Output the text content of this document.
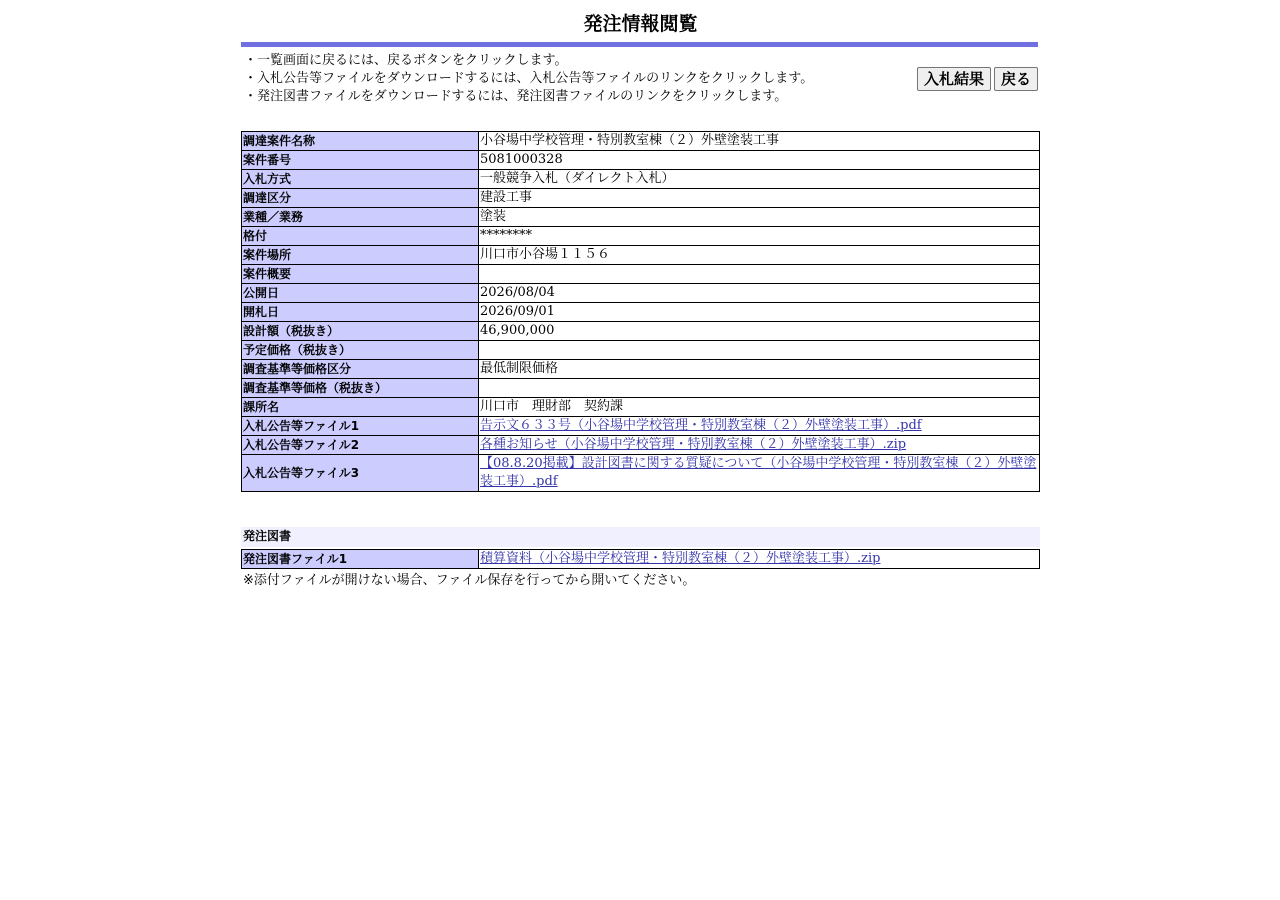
発注情報閲覧
・一覧画面に戻るには、戻るボタンをクリックします。
・入札公告等ファイルをダウンロードするには、入札公告等ファイルのリンクをクリックします。
・発注図書ファイルをダウンロードするには、発注図書ファイルのリンクをクリックします。
入札結果	戻る
調達案件名称	小谷場中学校管理・特別教室棟（２）外壁塗装工事
案件番号	5081000328
入札方式	一般競争入札（ダイレクト入札）
調達区分	建設工事
業種／業務	塗装
格付	********
案件場所	川口市小谷場１１５６
案件概要	
公開日	2026/08/04
開札日	2026/09/01
設計額（税抜き）	46,900,000
予定価格（税抜き）	
調査基準等価格区分	最低制限価格
調査基準等価格（税抜き）	
課所名	川口市　理財部　契約課
入札公告等ファイル1	告示文６３３号（小谷場中学校管理・特別教室棟（２）外壁塗装工事）.pdf
入札公告等ファイル2	各種お知らせ（小谷場中学校管理・特別教室棟（２）外壁塗装工事）.zip
入札公告等ファイル3	【08.8.20掲載】設計図書に関する質疑について（小谷場中学校管理・特別教室棟（２）外壁塗装工事）.pdf
発注図書
発注図書ファイル1	積算資料（小谷場中学校管理・特別教室棟（２）外壁塗装工事）.zip
※添付ファイルが開けない場合、ファイル保存を行ってから開いてください。
